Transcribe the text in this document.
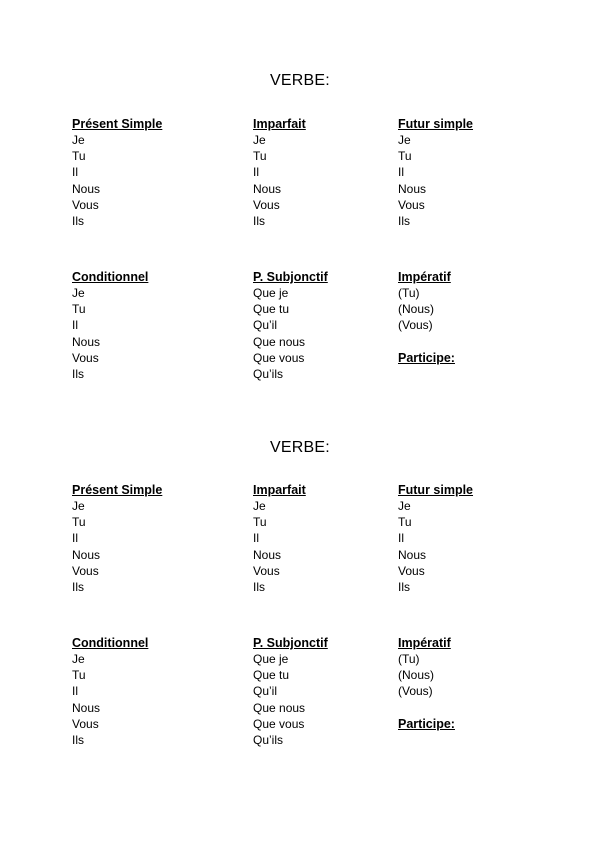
VERBE:
Présent Simple
Je
Tu
Il
Nous
Vous
Ils
Imparfait
Je
Tu
Il
Nous
Vous
Ils
Futur simple
Je
Tu
Il
Nous
Vous
Ils
Conditionnel
Je
Tu
Il
Nous
Vous
Ils
P. Subjonctif
Que je
Que tu
Qu’il
Que nous
Que vous
Qu’ils
Impératif
(Tu)
(Nous)
(Vous)
Participe:
VERBE:
Présent Simple
Je
Tu
Il
Nous
Vous
Ils
Imparfait
Je
Tu
Il
Nous
Vous
Ils
Futur simple
Je
Tu
Il
Nous
Vous
Ils
Conditionnel
Je
Tu
Il
Nous
Vous
Ils
P. Subjonctif
Que je
Que tu
Qu’il
Que nous
Que vous
Qu’ils
Impératif
(Tu)
(Nous)
(Vous)
Participe:
